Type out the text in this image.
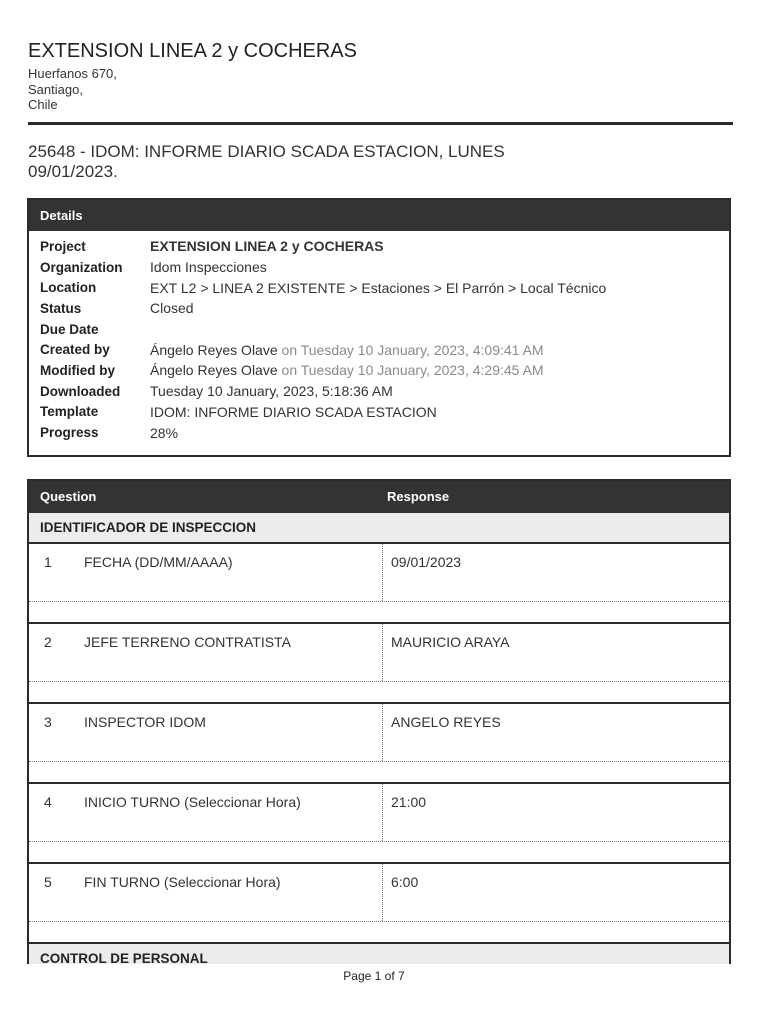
EXTENSION LINEA 2 y COCHERAS
Huerfanos 670,
Santiago,
Chile
25648 - IDOM: INFORME DIARIO SCADA ESTACION, LUNES 09/01/2023.
Details
Project	EXTENSION LINEA 2 y COCHERAS
Organization	Idom Inspecciones
Location	EXT L2 > LINEA 2 EXISTENTE > Estaciones > El Parrón > Local Técnico
Status	Closed
Due Date
Created by	Ángelo Reyes Olave on Tuesday 10 January, 2023, 4:09:41 AM
Modified by	Ángelo Reyes Olave on Tuesday 10 January, 2023, 4:29:45 AM
Downloaded	Tuesday 10 January, 2023, 5:18:36 AM
Template	IDOM: INFORME DIARIO SCADA ESTACION
Progress	28%
Question	Response
IDENTIFICADOR DE INSPECCION
1 FECHA (DD/MM/AAAA)	09/01/2023
2 JEFE TERRENO CONTRATISTA	MAURICIO ARAYA
3 INSPECTOR IDOM	ANGELO REYES
4 INICIO TURNO (Seleccionar Hora)	21:00
5 FIN TURNO (Seleccionar Hora)	6:00
CONTROL DE PERSONAL
Page 1 of 7
